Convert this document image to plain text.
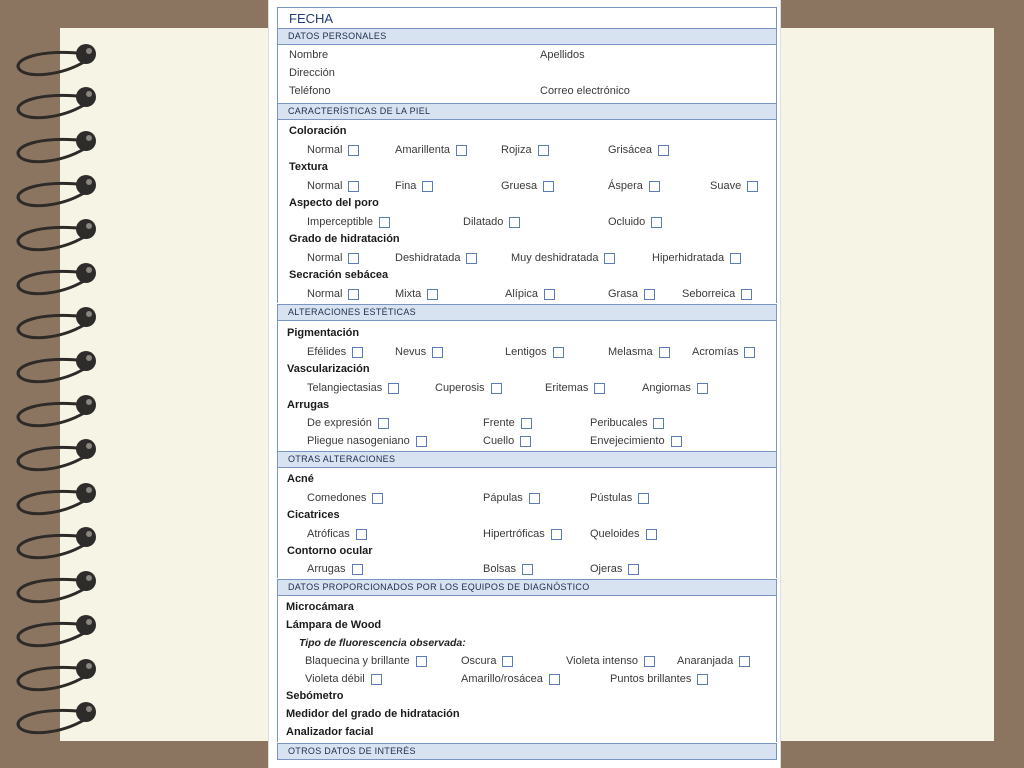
FECHA
DATOS PERSONALES
Nombre	Apellidos
Dirección
Teléfono	Correo electrónico
CARACTERÍSTICAS DE LA PIEL
Coloración
Normal	Amarillenta	Rojiza	Grisácea
Textura
Normal	Fina	Gruesa	Áspera	Suave
Aspecto del poro
Imperceptible	Dilatado	Ocluido
Grado de hidratación
Normal	Deshidratada	Muy deshidratada	Hiperhidratada
Secración sebácea
Normal	Mixta	Alípica	Grasa	Seborreica
ALTERACIONES ESTÉTICAS
Pigmentación
Efélides	Nevus	Lentigos	Melasma	Acromías
Vascularización
Telangiectasias	Cuperosis	Eritemas	Angiomas
Arrugas
De expresión	Frente	Peribucales
Pliegue nasogeniano	Cuello	Envejecimiento
OTRAS ALTERACIONES
Acné
Comedones	Pápulas	Pústulas
Cicatrices
Atróficas	Hipertróficas	Queloides
Contorno ocular
Arrugas	Bolsas	Ojeras
DATOS PROPORCIONADOS POR LOS EQUIPOS DE DIAGNÓSTICO
Microcámara
Lámpara de Wood
Tipo de fluorescencia observada:
Blaquecina y brillante	Oscura	Violeta intenso	Anaranjada
Violeta débil	Amarillo/rosácea	Puntos brillantes
Sebómetro
Medidor del grado de hidratación
Analizador facial
OTROS DATOS DE INTERÉS
